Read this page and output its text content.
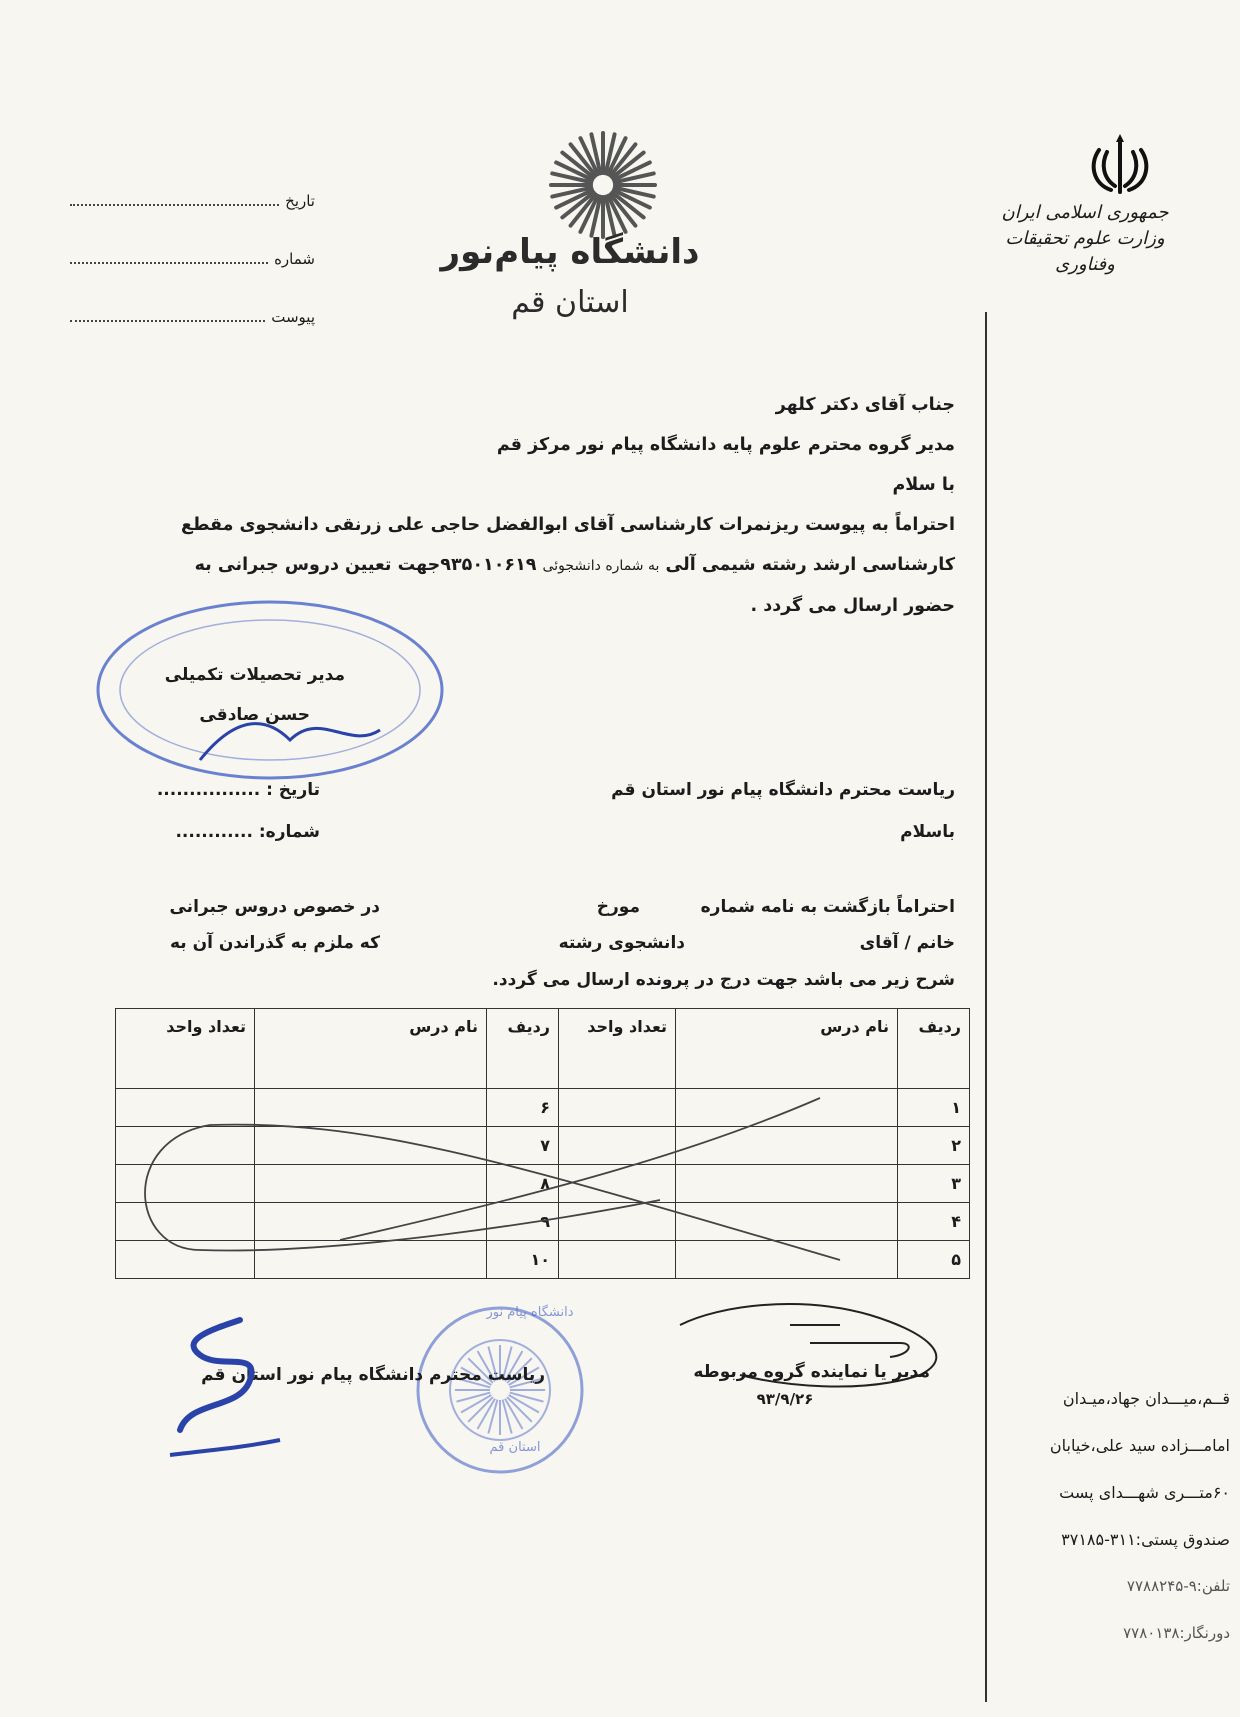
جمهوری اسلامی ایران
وزارت علوم تحقیقات وفناوری
دانشگاه پیام‌نور
استان قم
تاریخ
شماره
پیوست
جناب آقای دکتر کلهر
مدیر گروه محترم علوم پایه دانشگاه پیام نور مرکز قم
با سلام
احتراماً به پیوست ریزنمرات کارشناسی آقای ابوالفضل حاجی علی زرنقی دانشجوی مقطع
کارشناسی ارشد رشته شیمی آلی به شماره دانشجوئی ۹۳۵۰۱۰۶۱۹جهت تعیین دروس جبرانی به
حضور ارسال می گردد .
مدیر تحصیلات تکمیلی
حسن صادقی
تاریخ : ................
شماره: ............
ریاست محترم دانشگاه پیام نور استان قم
باسلام
احتراماً بازگشت به نامه شماره
مورخ
در خصوص دروس جبرانی
خانم / آقای
دانشجوی رشته
که ملزم به گذراندن آن به
شرح زیر می باشد جهت درج در پرونده ارسال می گردد.
ردیف	نام درس	تعداد واحد	ردیف	نام درس	تعداد واحد
۱			۶		
۲			۷		
۳			۸		
۴			۹		
۵			۱۰		
مدیر یا نماینده گروه مربوطه
۹۳/۹/۲۶
دانشگاه پیام نور
استان قم
ریاست محترم دانشگاه پیام نور استان قم
قــم،میـــدان جهاد،میـدان
امامـــزاده سید علی،خیابان
۶۰متـــری شهـــدای پست
صندوق پستی:۳۱۱-۳۷۱۸۵
تلفن:۹-۷۷۸۸۲۴۵
دورنگار:۷۷۸۰۱۳۸
